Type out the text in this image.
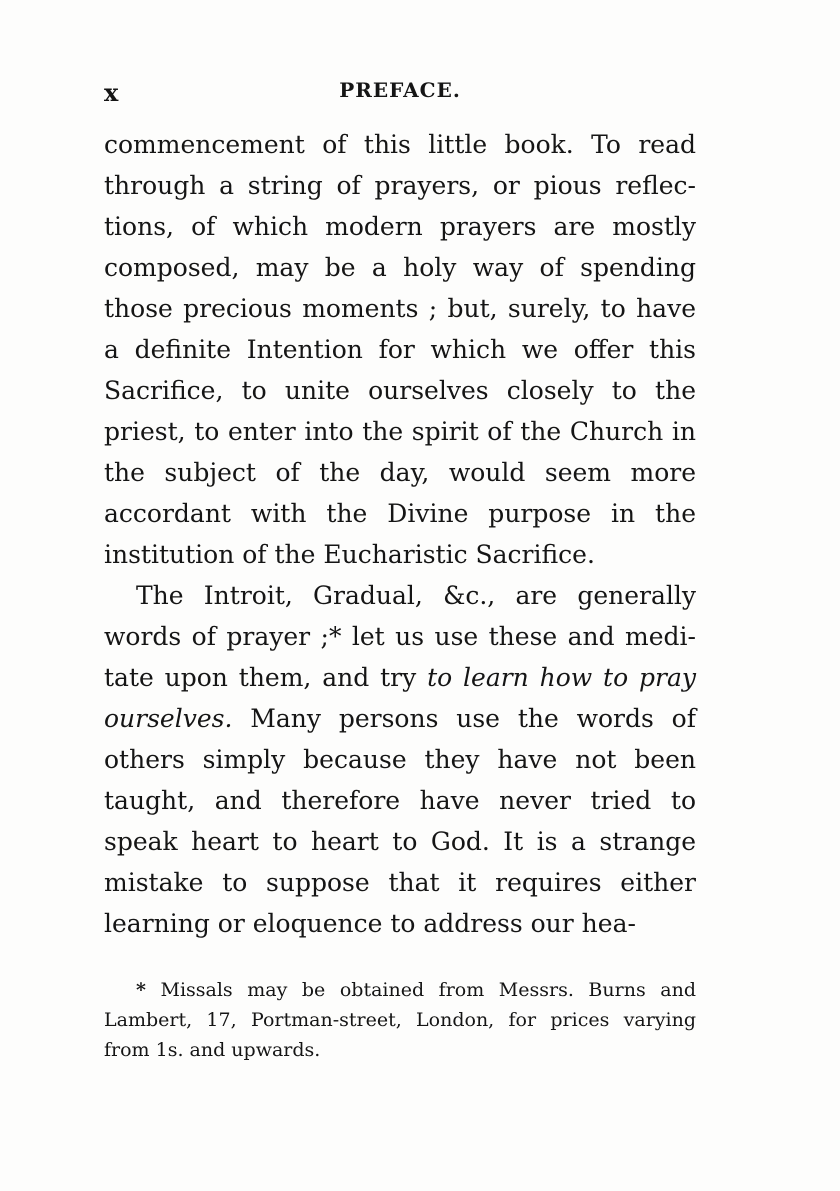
x	PREFACE.

commencement of this little book. To read through a string of prayers, or pious reflec- tions, of which modern prayers are mostly composed, may be a holy way of spending those precious moments ; but, surely, to have a definite Intention for which we offer this Sacrifice, to unite ourselves closely to the priest, to enter into the spirit of the Church in the subject of the day, would seem more accordant with the Divine purpose in the institution of the Eucharistic Sacrifice.

The Introit, Gradual, &c., are generally words of prayer ;* let us use these and medi- tate upon them, and try to learn how to pray ourselves. Many persons use the words of others simply because they have not been taught, and therefore have never tried to speak heart to heart to God. It is a strange mistake to suppose that it requires either learning or eloquence to address our hea-

* Missals may be obtained from Messrs. Burns and Lambert, 17, Portman-street, London, for prices varying from 1s. and upwards.
